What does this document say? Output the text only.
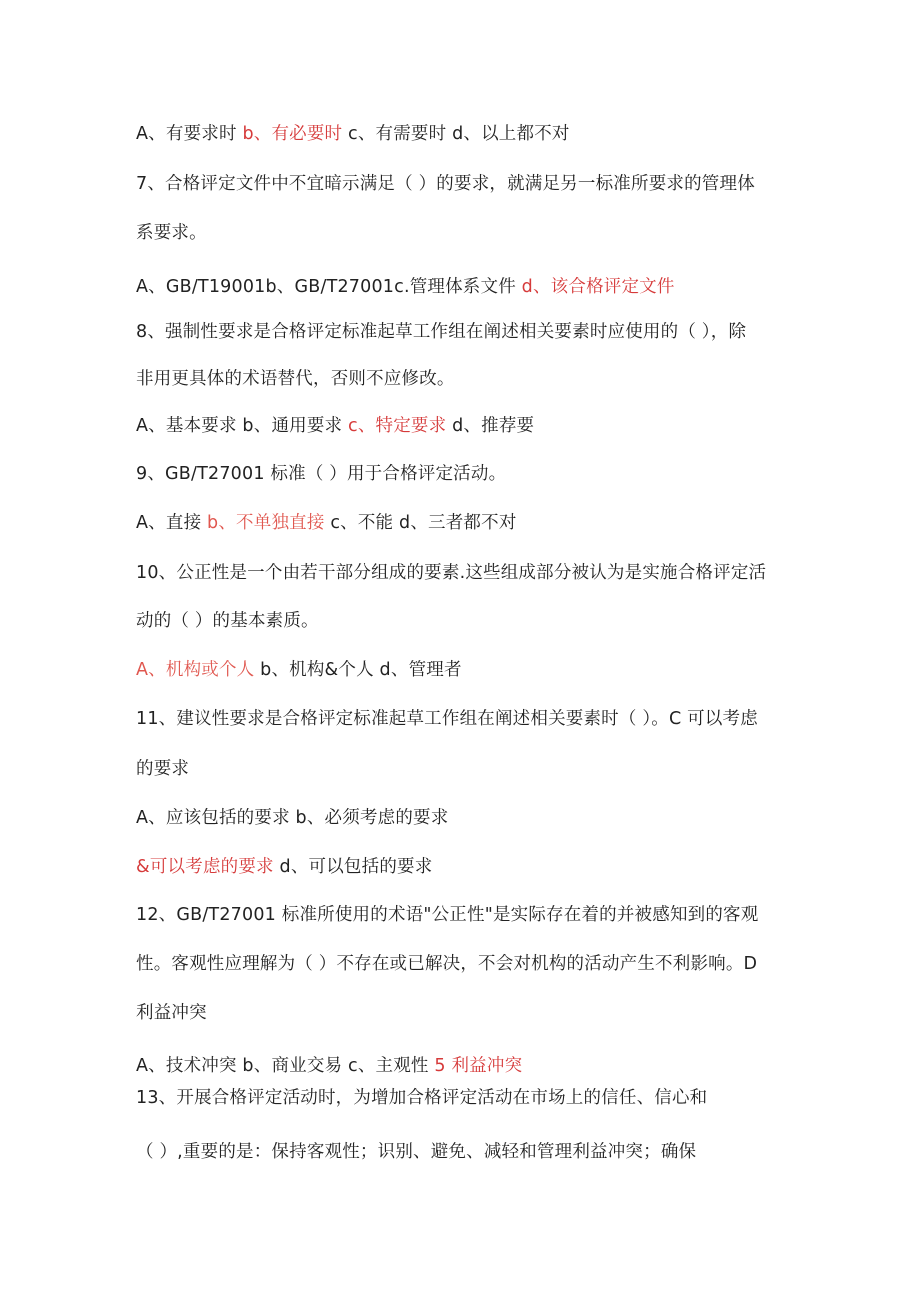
A、有要求时 b、有必要时 c、有需要时 d、以上都不对
7、合格评定文件中不宜暗示满足（ ）的要求，就满足另一标准所要求的管理体
系要求。
A、GB/T19001b、GB/T27001c.管理体系文件 d、该合格评定文件
8、强制性要求是合格评定标准起草工作组在阐述相关要素时应使用的（ ），除
非用更具体的术语替代，否则不应修改。
A、基本要求 b、通用要求 c、特定要求 d、推荐要
9、GB/T27001 标准（ ）用于合格评定活动。
A、直接 b、不单独直接 c、不能 d、三者都不对
10、公正性是一个由若干部分组成的要素.这些组成部分被认为是实施合格评定活
动的（ ）的基本素质。
A、机构或个人 b、机构&个人 d、管理者
11、建议性要求是合格评定标准起草工作组在阐述相关要素时（ ）。C 可以考虑
的要求
A、应该包括的要求 b、必须考虑的要求
&可以考虑的要求 d、可以包括的要求
12、GB/T27001 标准所使用的术语"公正性"是实际存在着的并被感知到的客观
性。客观性应理解为（ ）不存在或已解决，不会对机构的活动产生不利影响。D
利益冲突
A、技术冲突 b、商业交易 c、主观性 5 利益冲突
13、开展合格评定活动时，为增加合格评定活动在市场上的信任、信心和
（ ）,重要的是：保持客观性；识别、避免、减轻和管理利益冲突；确保
